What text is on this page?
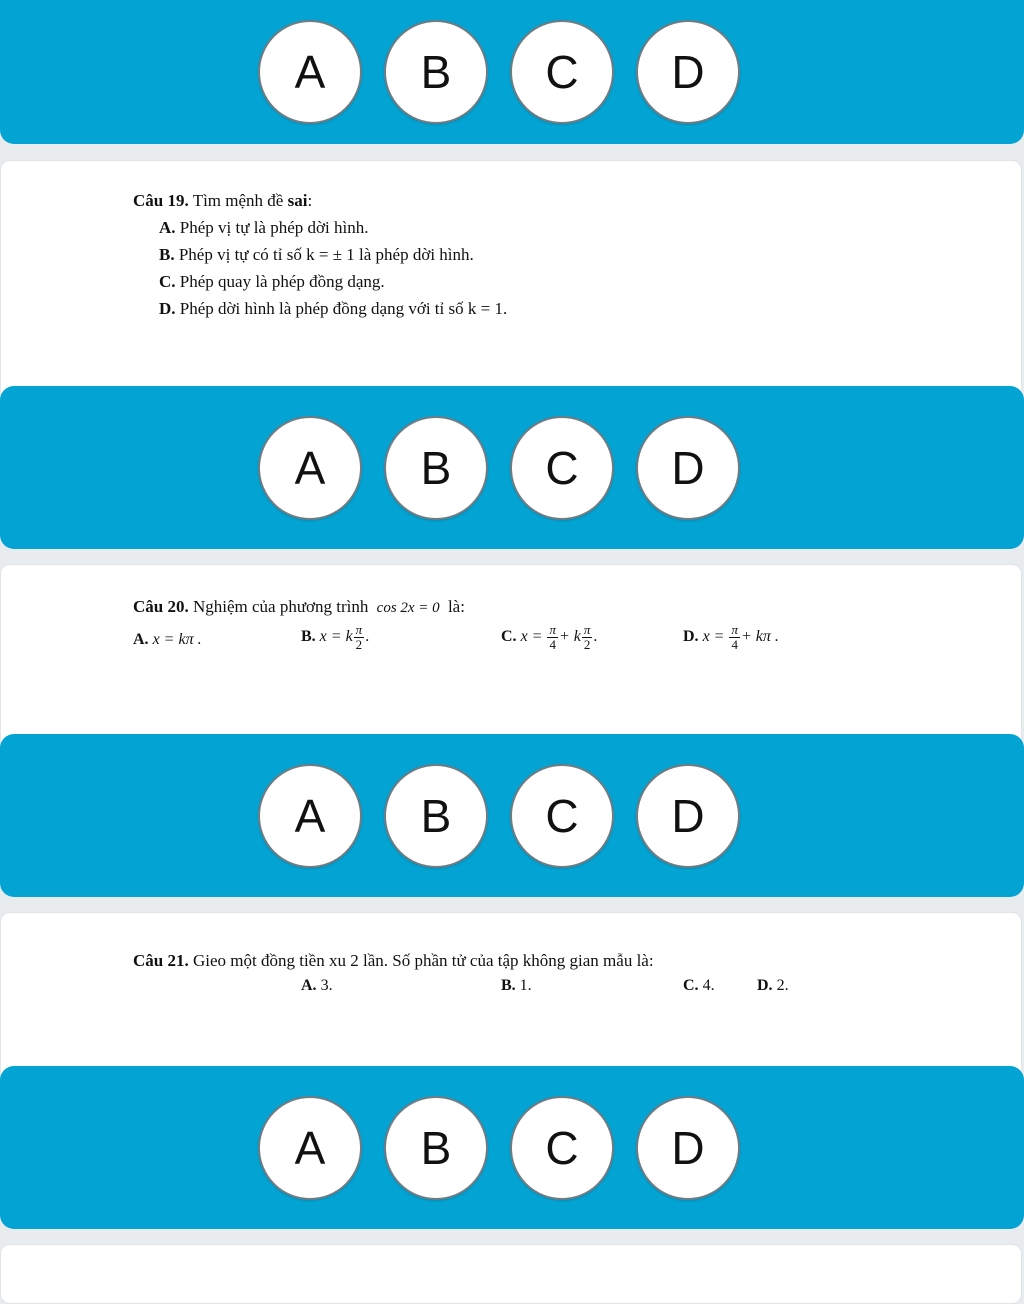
A	B	C	D
Câu 19. Tìm mệnh đề sai:
A. Phép vị tự là phép dời hình.
B. Phép vị tự có tỉ số k = ± 1 là phép dời hình.
C. Phép quay là phép đồng dạng.
D. Phép dời hình là phép đồng dạng với tỉ số k = 1.
A	B	C	D
Câu 20. Nghiệm của phương trình cos 2x = 0 là:
A. x = kπ .	B. x = k $\frac{\pi}{2}$ .	C. $x = \frac{\pi}{4} + k \frac{\pi}{2}$ .	D. $x = \frac{\pi}{4} + k\pi$ .
A	B	C	D
Câu 21. Gieo một đồng tiền xu 2 lần. Số phần tử của tập không gian mẫu là:
A. 3.	B. 1.	C. 4.	D. 2.
A	B	C	D
